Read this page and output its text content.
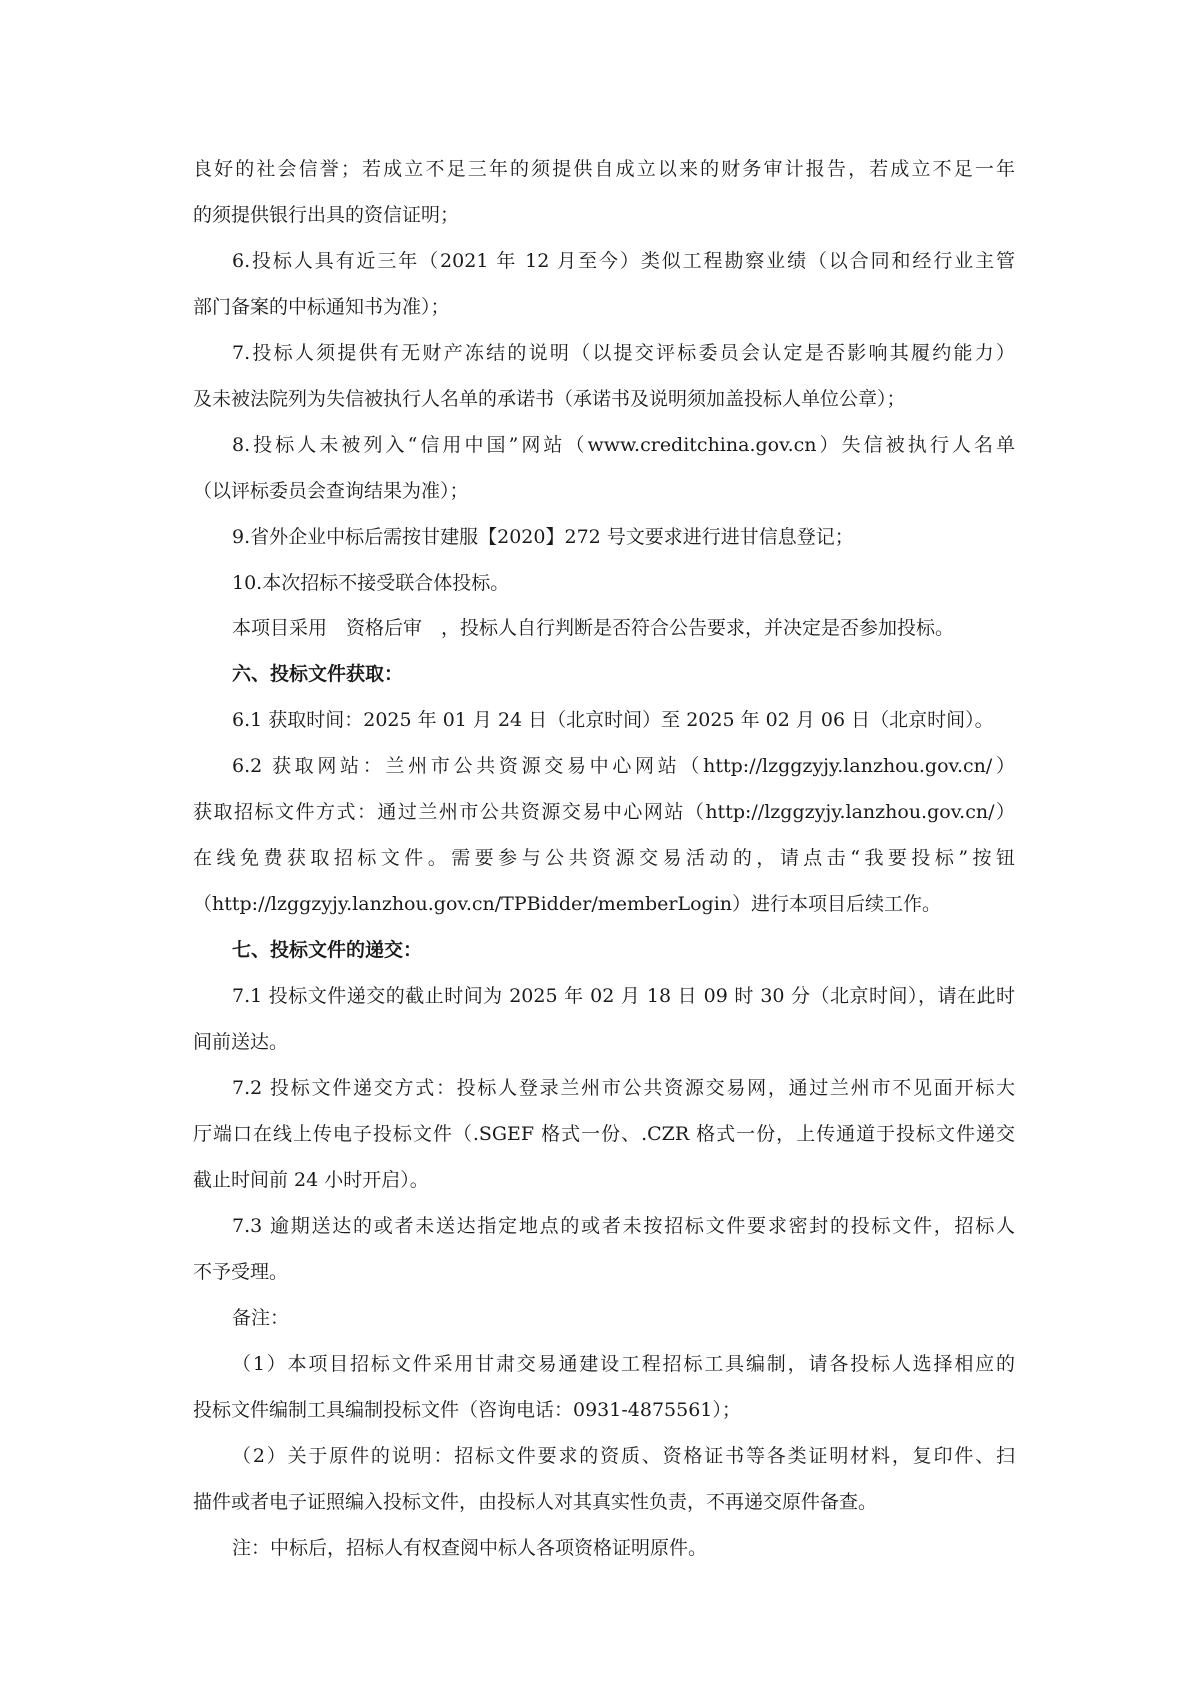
良好的社会信誉；若成立不足三年的须提供自成立以来的财务审计报告，若成立不足一年
的须提供银行出具的资信证明；
6.投标人具有近三年（2021 年 12 月至今）类似工程勘察业绩（以合同和经行业主管
部门备案的中标通知书为准）；
7.投标人须提供有无财产冻结的说明（以提交评标委员会认定是否影响其履约能力）
及未被法院列为失信被执行人名单的承诺书（承诺书及说明须加盖投标人单位公章）；
8.投标人未被列入“信用中国”网站（www.creditchina.gov.cn）失信被执行人名单
（以评标委员会查询结果为准）；
9.省外企业中标后需按甘建服【2020】272 号文要求进行进甘信息登记；
10.本次招标不接受联合体投标。
本项目采用　资格后审　，投标人自行判断是否符合公告要求，并决定是否参加投标。
六、投标文件获取：
6.1 获取时间：2025 年 01 月 24 日（北京时间）至 2025 年 02 月 06 日（北京时间）。
6.2 获取网站：兰州市公共资源交易中心网站（http://lzggzyjy.lanzhou.gov.cn/）
获取招标文件方式：通过兰州市公共资源交易中心网站（http://lzggzyjy.lanzhou.gov.cn/）
在线免费获取招标文件。需要参与公共资源交易活动的，请点击“我要投标”按钮
（http://lzggzyjy.lanzhou.gov.cn/TPBidder/memberLogin）进行本项目后续工作。
七、投标文件的递交：
7.1 投标文件递交的截止时间为 2025 年 02 月 18 日 09 时 30 分（北京时间），请在此时
间前送达。
7.2 投标文件递交方式：投标人登录兰州市公共资源交易网，通过兰州市不见面开标大
厅端口在线上传电子投标文件（.SGEF 格式一份、.CZR 格式一份，上传通道于投标文件递交
截止时间前 24 小时开启）。
7.3 逾期送达的或者未送达指定地点的或者未按招标文件要求密封的投标文件，招标人
不予受理。
备注：
（1）本项目招标文件采用甘肃交易通建设工程招标工具编制，请各投标人选择相应的
投标文件编制工具编制投标文件（咨询电话：0931-4875561）；
（2）关于原件的说明：招标文件要求的资质、资格证书等各类证明材料，复印件、扫
描件或者电子证照编入投标文件，由投标人对其真实性负责，不再递交原件备查。
注：中标后，招标人有权查阅中标人各项资格证明原件。
